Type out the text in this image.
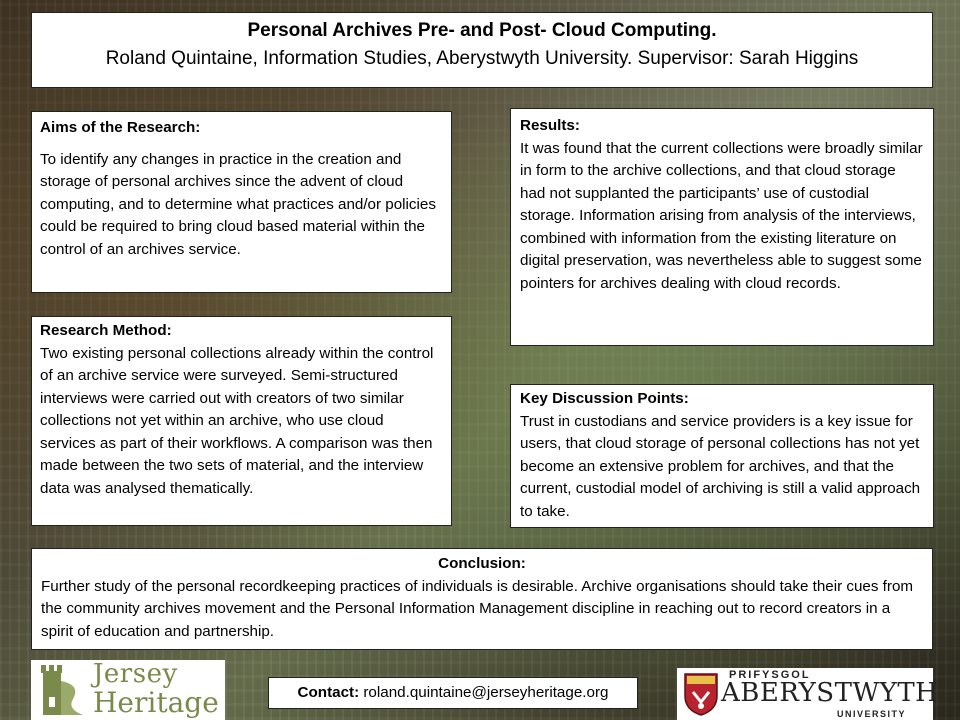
Personal Archives Pre- and Post- Cloud Computing.
Roland Quintaine, Information Studies, Aberystwyth University. Supervisor: Sarah Higgins
Aims of the Research:

To identify any changes in practice in the creation and storage of personal archives since the advent of cloud computing, and to determine what practices and/or policies could be required to bring cloud based material within the control of an archives service.

Research Method:

Two existing personal collections already within the control of an archive service were surveyed. Semi-structured interviews were carried out with creators of two similar collections not yet within an archive, who use cloud services as part of their workflows. A comparison was then made between the two sets of material, and the interview data was analysed thematically.

Results:

It was found that the current collections were broadly similar in form to the archive collections, and that cloud storage had not supplanted the participants’ use of custodial storage. Information arising from analysis of the interviews, combined with information from the existing literature on digital preservation, was nevertheless able to suggest some pointers for archives dealing with cloud records.

Key Discussion Points:

Trust in custodians and service providers is a key issue for users, that cloud storage of personal collections has not yet become an extensive problem for archives, and that the current, custodial model of archiving is still a valid approach to take.

Conclusion:

Further study of the personal recordkeeping practices of individuals is desirable. Archive organisations should take their cues from the community archives movement and the Personal Information Management discipline in reaching out to record creators in a spirit of education and partnership.

Jersey
Heritage	Contact: roland.quintaine@jerseyheritage.org
PRIFYSGOL
ABERYSTWYTH
UNIVERSITY
